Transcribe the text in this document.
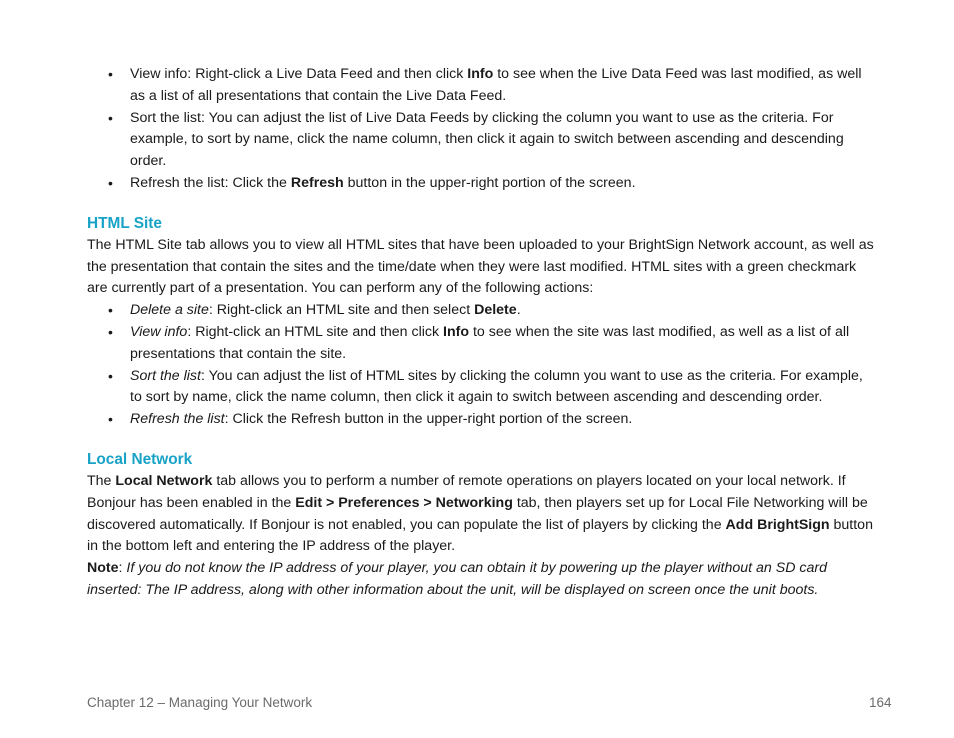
• View info: Right-click a Live Data Feed and then click Info to see when the Live Data Feed was last modified, as well as a list of all presentations that contain the Live Data Feed.
• Sort the list: You can adjust the list of Live Data Feeds by clicking the column you want to use as the criteria. For example, to sort by name, click the name column, then click it again to switch between ascending and descending order.
• Refresh the list: Click the Refresh button in the upper-right portion of the screen.
HTML Site

The HTML Site tab allows you to view all HTML sites that have been uploaded to your BrightSign Network account, as well as the presentation that contain the sites and the time/date when they were last modified. HTML sites with a green checkmark are currently part of a presentation. You can perform any of the following actions:

• Delete a site: Right-click an HTML site and then select Delete.
• View info: Right-click an HTML site and then click Info to see when the site was last modified, as well as a list of all presentations that contain the site.
• Sort the list: You can adjust the list of HTML sites by clicking the column you want to use as the criteria. For example, to sort by name, click the name column, then click it again to switch between ascending and descending order.
• Refresh the list: Click the Refresh button in the upper-right portion of the screen.
Local Network

The Local Network tab allows you to perform a number of remote operations on players located on your local network. If Bonjour has been enabled in the Edit > Preferences > Networking tab, then players set up for Local File Networking will be discovered automatically. If Bonjour is not enabled, you can populate the list of players by clicking the Add BrightSign button in the bottom left and entering the IP address of the player.

Note: If you do not know the IP address of your player, you can obtain it by powering up the player without an SD card inserted: The IP address, along with other information about the unit, will be displayed on screen once the unit boots.

Chapter 12 – Managing Your Network	164
